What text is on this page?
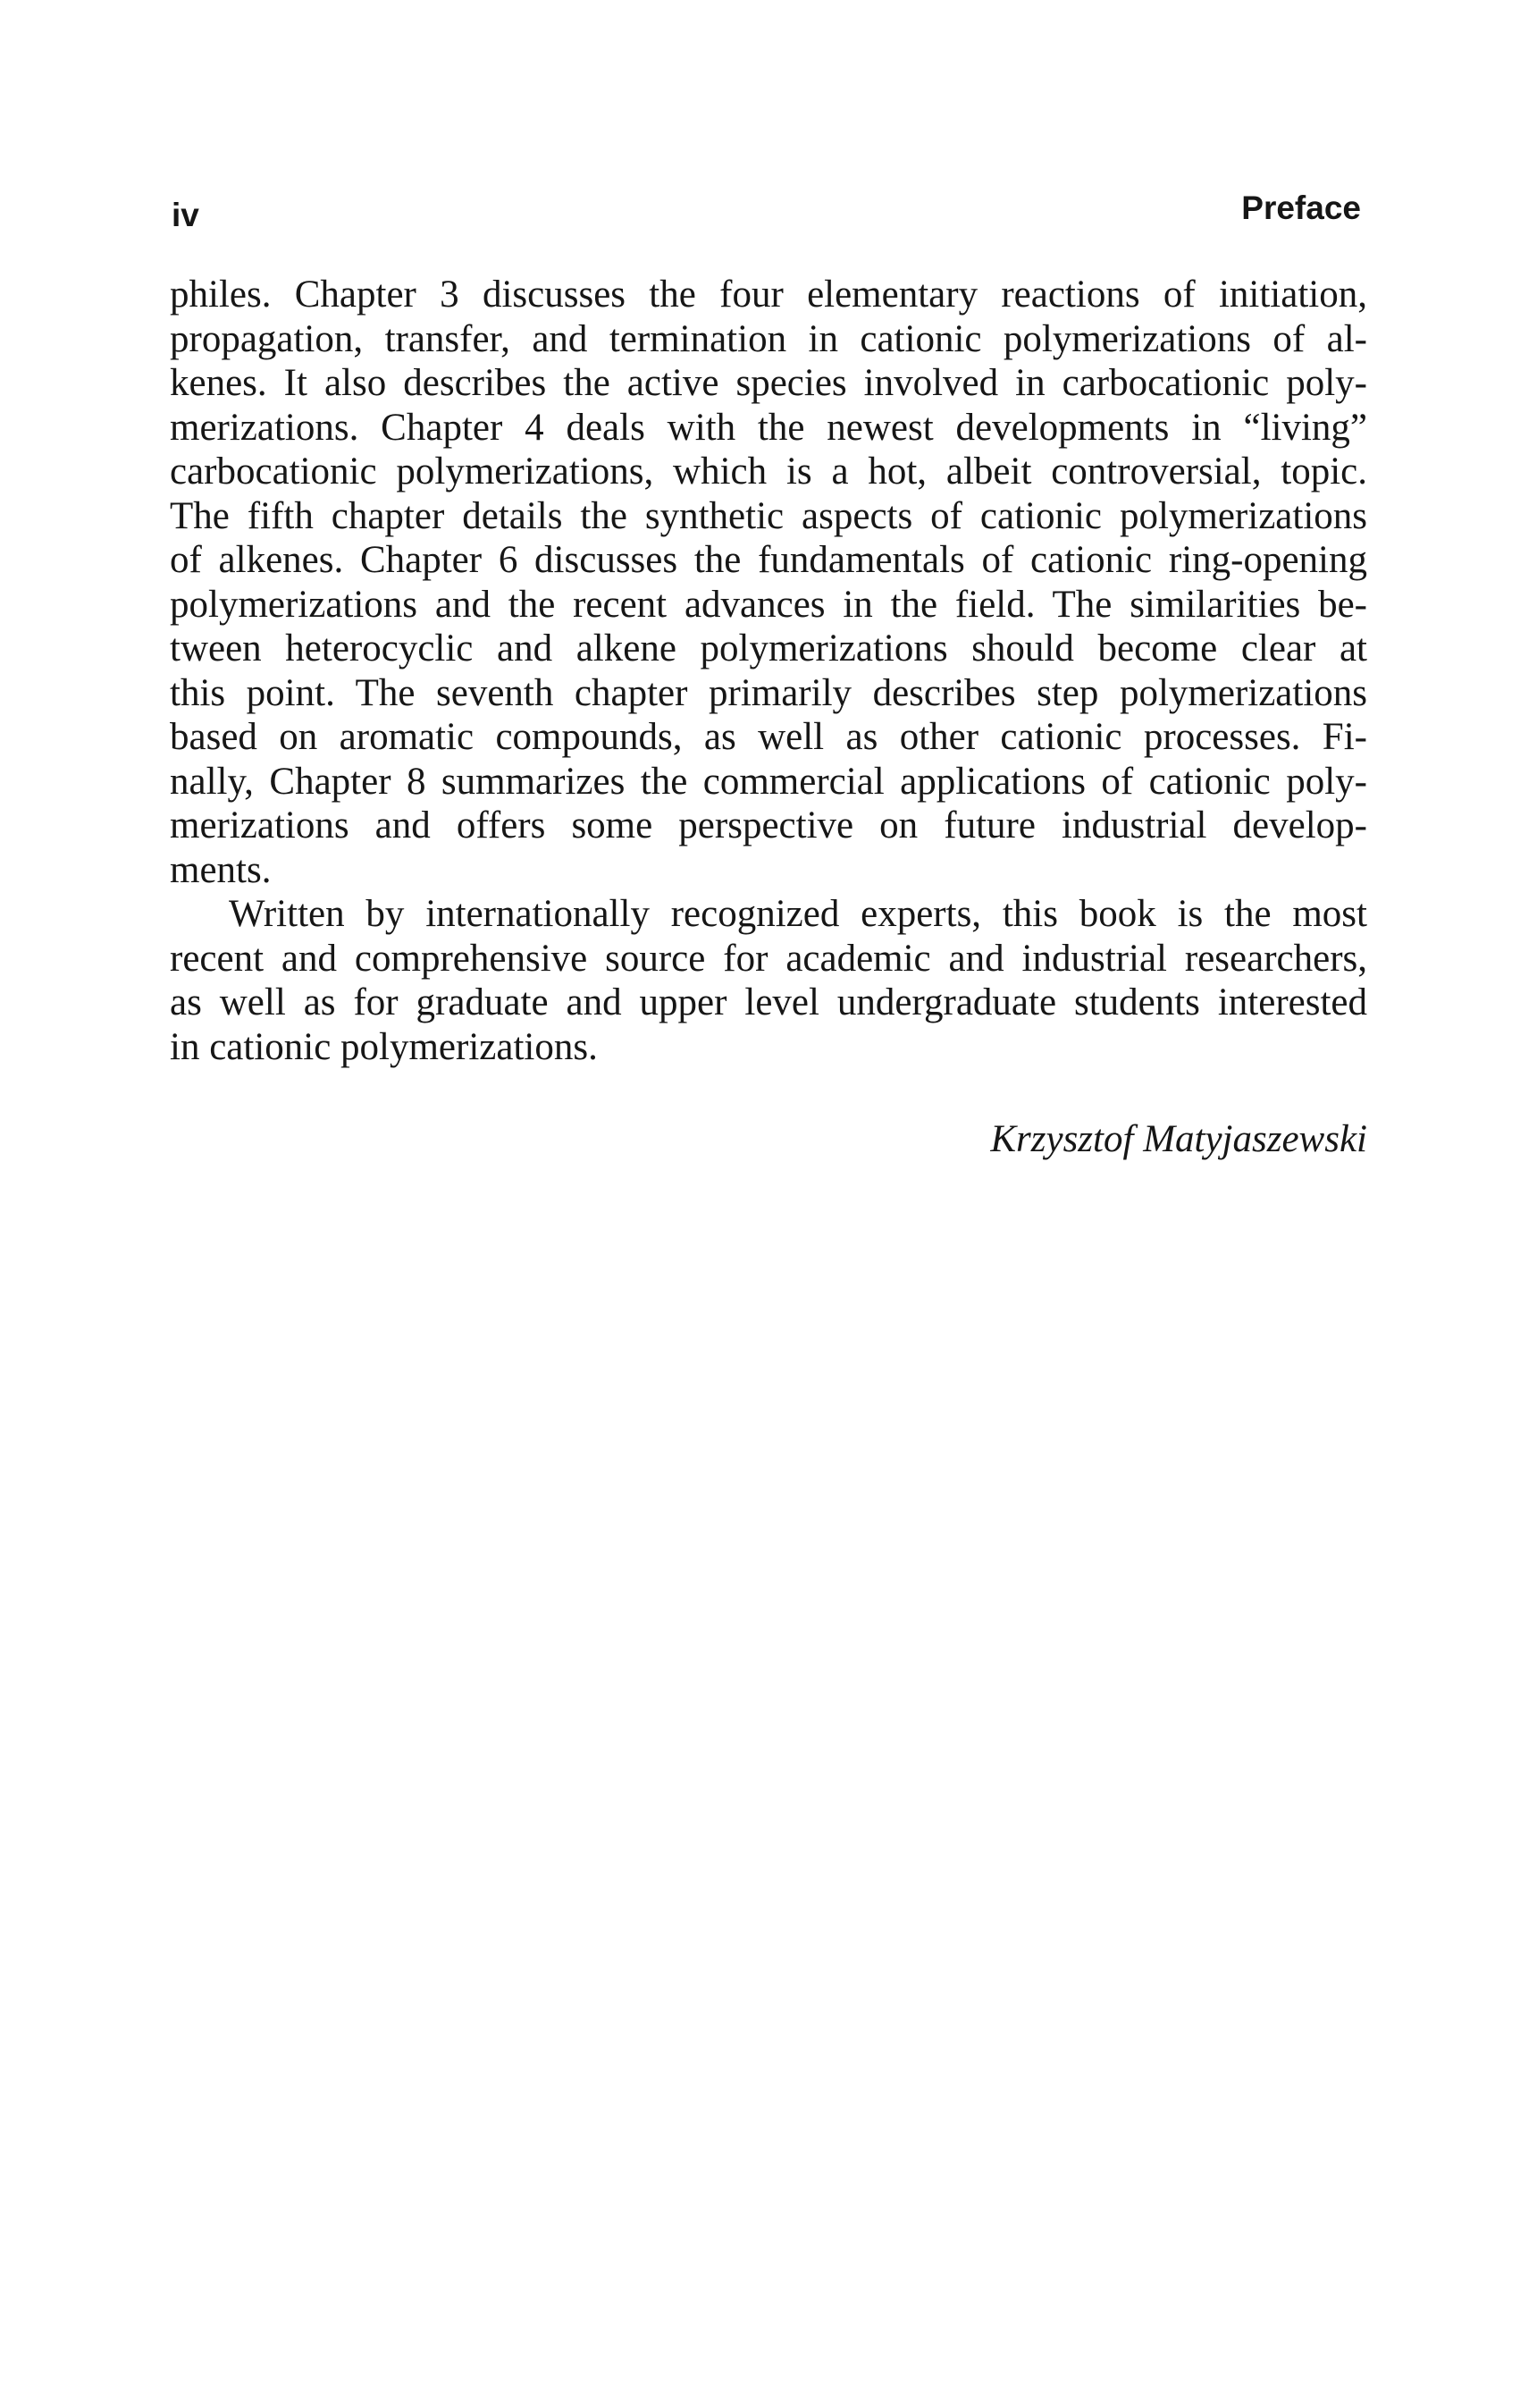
iv	Preface
philes. Chapter 3 discusses the four elementary reactions of initiation,
propagation, transfer, and termination in cationic polymerizations of al-
kenes. It also describes the active species involved in carbocationic poly-
merizations. Chapter 4 deals with the newest developments in “living”
carbocationic polymerizations, which is a hot, albeit controversial, topic.
The fifth chapter details the synthetic aspects of cationic polymerizations
of alkenes. Chapter 6 discusses the fundamentals of cationic ring-opening
polymerizations and the recent advances in the field. The similarities be-
tween heterocyclic and alkene polymerizations should become clear at
this point. The seventh chapter primarily describes step polymerizations
based on aromatic compounds, as well as other cationic processes. Fi-
nally, Chapter 8 summarizes the commercial applications of cationic poly-
merizations and offers some perspective on future industrial develop-
ments.
Written by internationally recognized experts, this book is the most
recent and comprehensive source for academic and industrial researchers,
as well as for graduate and upper level undergraduate students interested
in cationic polymerizations.
Krzysztof Matyjaszewski
